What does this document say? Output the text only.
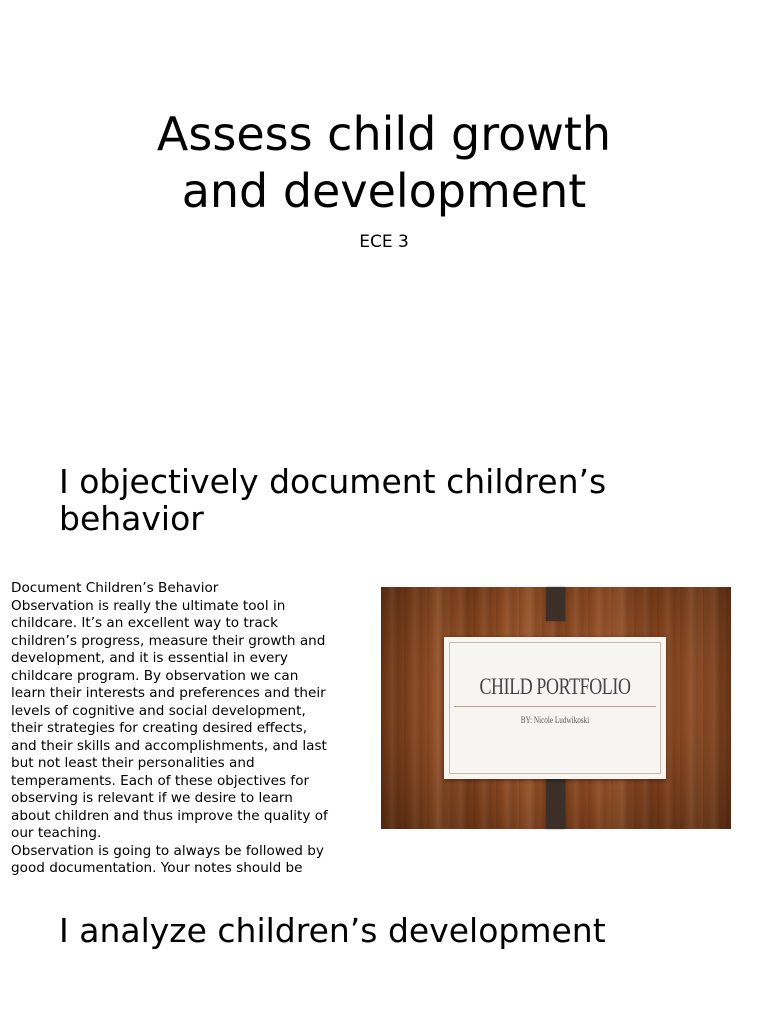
Assess child growth
and development
ECE 3
I objectively document children’s
behavior
Document Children’s Behavior
Observation is really the ultimate tool in
childcare. It’s an excellent way to track
children’s progress, measure their growth and
development, and it is essential in every
childcare program. By observation we can
learn their interests and preferences and their
levels of cognitive and social development,
their strategies for creating desired effects,
and their skills and accomplishments, and last
but not least their personalities and
temperaments. Each of these objectives for
observing is relevant if we desire to learn
about children and thus improve the quality of
our teaching.
Observation is going to always be followed by
good documentation. Your notes should be
CHILD PORTFOLIO
BY: Nicole Ludwikoski
I analyze children’s development
